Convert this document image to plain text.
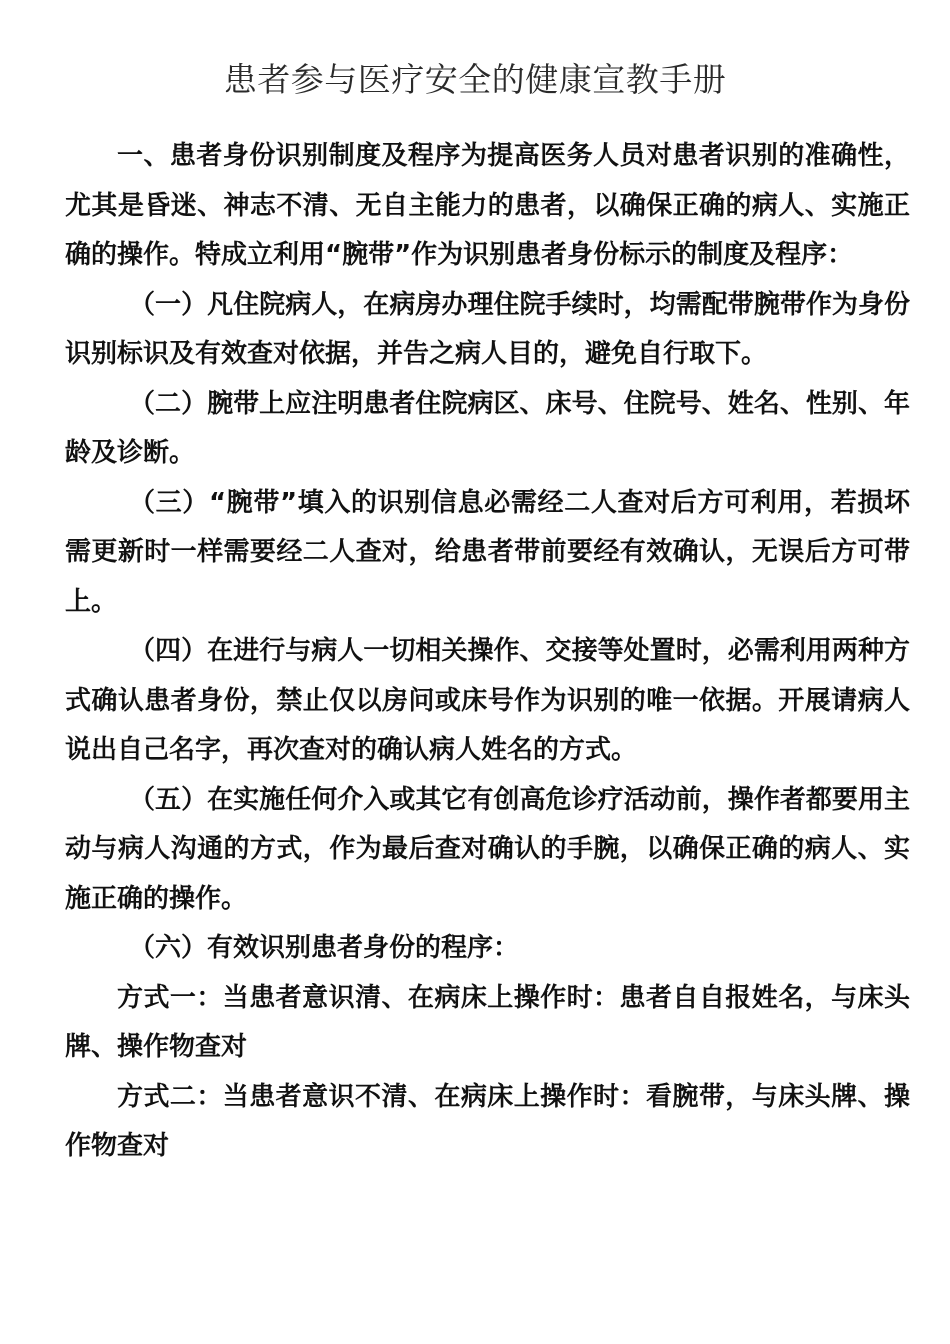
患者参与医疗安全的健康宣教手册

一、患者身份识别制度及程序为提高医务人员对患者识别的准确性，尤其是昏迷、神志不清、无自主能力的患者，以确保正确的病人、实施正确的操作。特成立利用“腕带”作为识别患者身份标示的制度及程序：

（一）凡住院病人，在病房办理住院手续时，均需配带腕带作为身份识别标识及有效查对依据，并告之病人目的，避免自行取下。

（二）腕带上应注明患者住院病区、床号、住院号、姓名、性别、年龄及诊断。

（三）“腕带”填入的识别信息必需经二人查对后方可利用，若损坏需更新时一样需要经二人查对，给患者带前要经有效确认，无误后方可带上。

（四）在进行与病人一切相关操作、交接等处置时，必需利用两种方式确认患者身份，禁止仅以房问或床号作为识别的唯一依据。开展请病人说出自己名字，再次查对的确认病人姓名的方式。

（五）在实施任何介入或其它有创高危诊疗活动前，操作者都要用主动与病人沟通的方式，作为最后查对确认的手腕，以确保正确的病人、实施正确的操作。

（六）有效识别患者身份的程序：

方式一：当患者意识清、在病床上操作时：患者自自报姓名，与床头牌、操作物查对

方式二：当患者意识不清、在病床上操作时：看腕带，与床头牌、操作物查对
